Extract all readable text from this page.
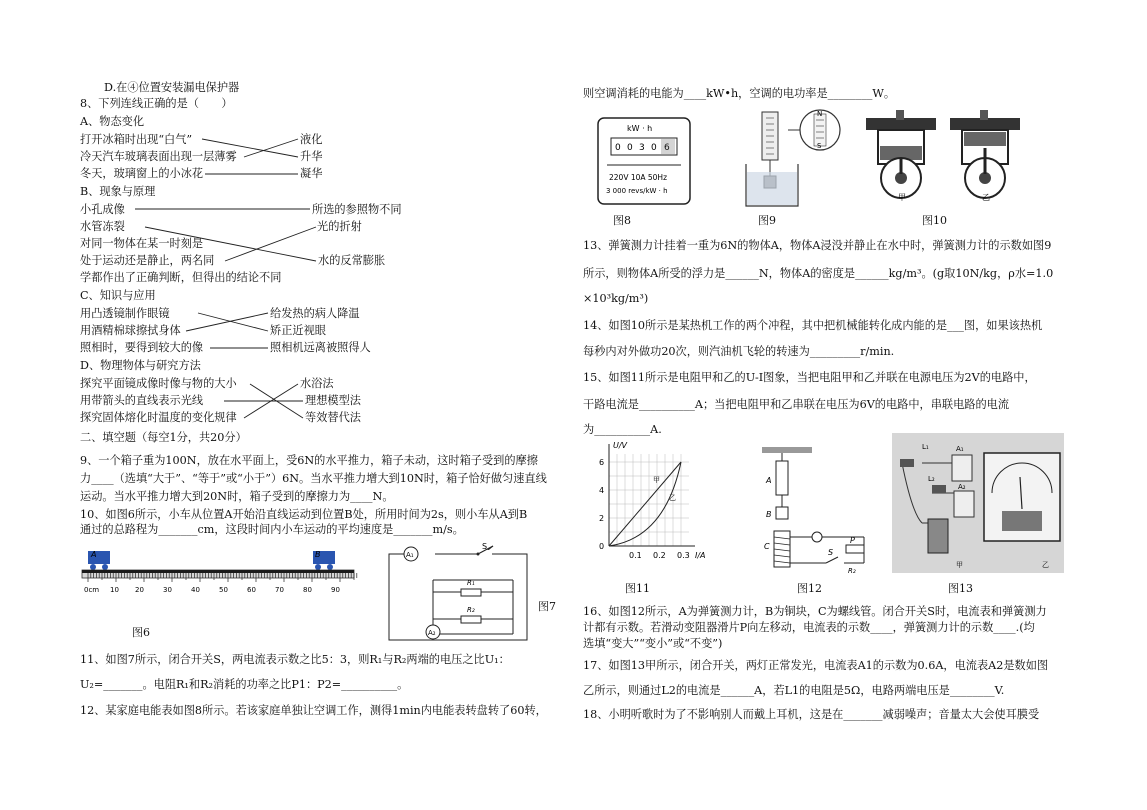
D.在④位置安装漏电保护器
8、下列连线正确的是（　　）
A、物态变化
打开冰箱时出现“白气”
冷天汽车玻璃表面出现一层薄雾
冬天，玻璃窗上的小冰花
液化
升华
凝华
B、现象与原理
小孔成像
水管冻裂
对同一物体在某一时刻是
处于运动还是静止，两名同
学都作出了正确判断，但得出的结论不同
所选的参照物不同
光的折射
水的反常膨胀
C、知识与应用
用凸透镜制作眼镜
用酒精棉球擦拭身体
照相时，要得到较大的像
给发热的病人降温
矫正近视眼
照相机远离被照得人
D、物理物体与研究方法
探究平面镜成像时像与物的大小
用带箭头的直线表示光线
探究固体熔化时温度的变化规律
水浴法
理想模型法
等效替代法
二、填空题（每空1分，共20分）
9、一个箱子重为100N，放在水平面上，受6N的水平推力，箱子未动，这时箱子受到的摩擦
力____（选填“大于”、“等于”或“小于”）6N。当水平推力增大到10N时，箱子恰好做匀速直线
运动。当水平推力增大到20N时，箱子受到的摩擦力为____N。
10、如图6所示，小车从位置A开始沿直线运动到位置B处，所用时间为2s，则小车从A到B
通过的总路程为_______cm，这段时间内小车运动的平均速度是_______m/s。
A	B
0cm 10 20	30	40	50	60	70	80	90
图6
A₁
S
R₁
R₂
A₂
图7
11、如图7所示，闭合开关S，两电流表示数之比5：3，则R₁与R₂两端的电压之比U₁：
U₂=_______。电阻R₁和R₂消耗的功率之比P1：P2=__________。
12、某家庭电能表如图8所示。若该家庭单独让空调工作，测得1min内电能表转盘转了60转，
则空调消耗的电能为____kW•h，空调的电功率是________W。
kW · h
0 0 3 0 6
220V 10A 50Hz
3 000 revs/kW · h
N
S
甲	乙
图8	图9	图10
13、弹簧测力计挂着一重为6N的物体A，物体A浸没并静止在水中时，弹簧测力计的示数如图9
所示，则物体A所受的浮力是______N，物体A的密度是______kg/m³。(g取10N/kg，ρ水=1.0
×10³kg/m³)
14、如图10所示是某热机工作的两个冲程，其中把机械能转化成内能的是___图，如果该热机
每秒内对外做功20次，则汽油机飞轮的转速为_________r/min.
15、如图11所示是电阻甲和乙的U-I图象，当把电阻甲和乙并联在电源电压为2V的电路中，
干路电流是__________A；当把电阻甲和乙串联在电压为6V的电路中，串联电路的电流
为__________A.
U/V
I/A
0
2
4
6
0.1 0.2 0.3
甲
乙
A
B
C
S
P
R₂
L₁
L₂
A₁
A₂
甲	乙
图11	图12	图13
16、如图12所示，A为弹簧测力计，B为铜块，C为螺线管。闭合开关S时，电流表和弹簧测力
计都有示数。若滑动变阻器滑片P向左移动，电流表的示数____，弹簧测力计的示数____.(均
选填“变大”“变小”或“不变”)
17、如图13甲所示，闭合开关，两灯正常发光，电流表A1的示数为0.6A，电流表A2是数如图
乙所示，则通过L2的电流是______A，若L1的电阻是5Ω，电路两端电压是________V.
18、小明听歌时为了不影响别人而戴上耳机，这是在_______减弱噪声；音量太大会使耳膜受
